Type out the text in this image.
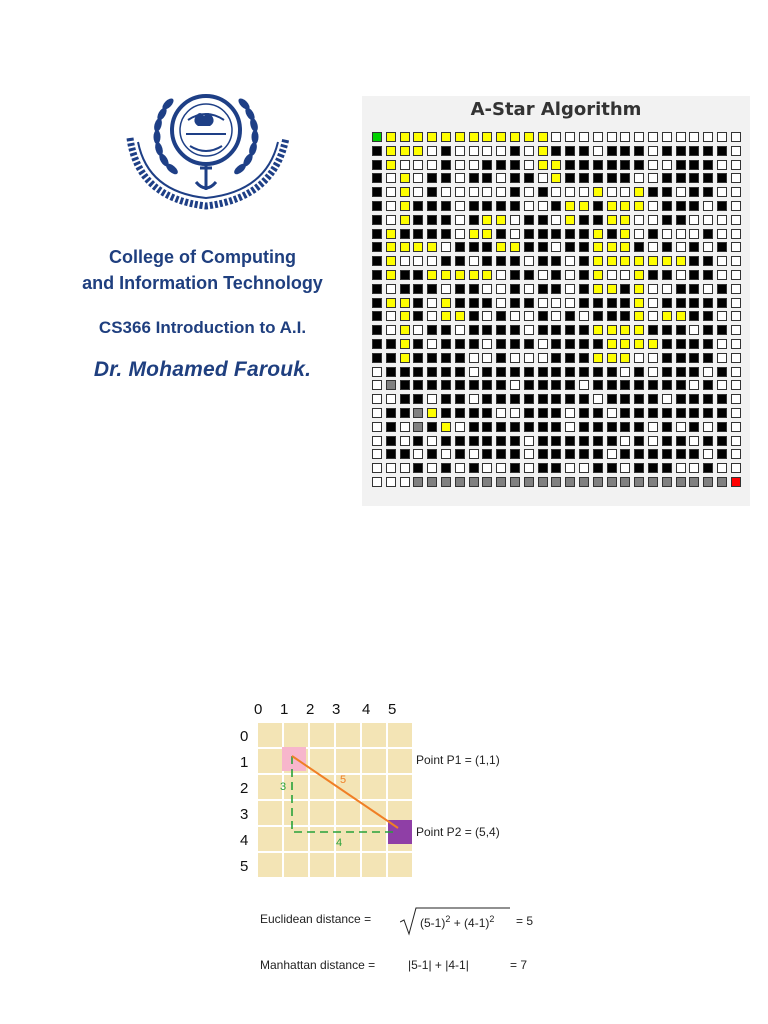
College of Computing
and Information Technology
CS366 Introduction to A.I.
Dr. Mohamed Farouk.
A-Star Algorithm
0 1 2 3 4 5
0
1
2
3
4
5
3
4
5
Point P1 = (1,1)
Point P2 = (5,4)
Euclidean distance =	$(5-1)^2 + (4-1)^2 = 5$
Manhattan distance =	|5-1| + |4-1|	= 7
